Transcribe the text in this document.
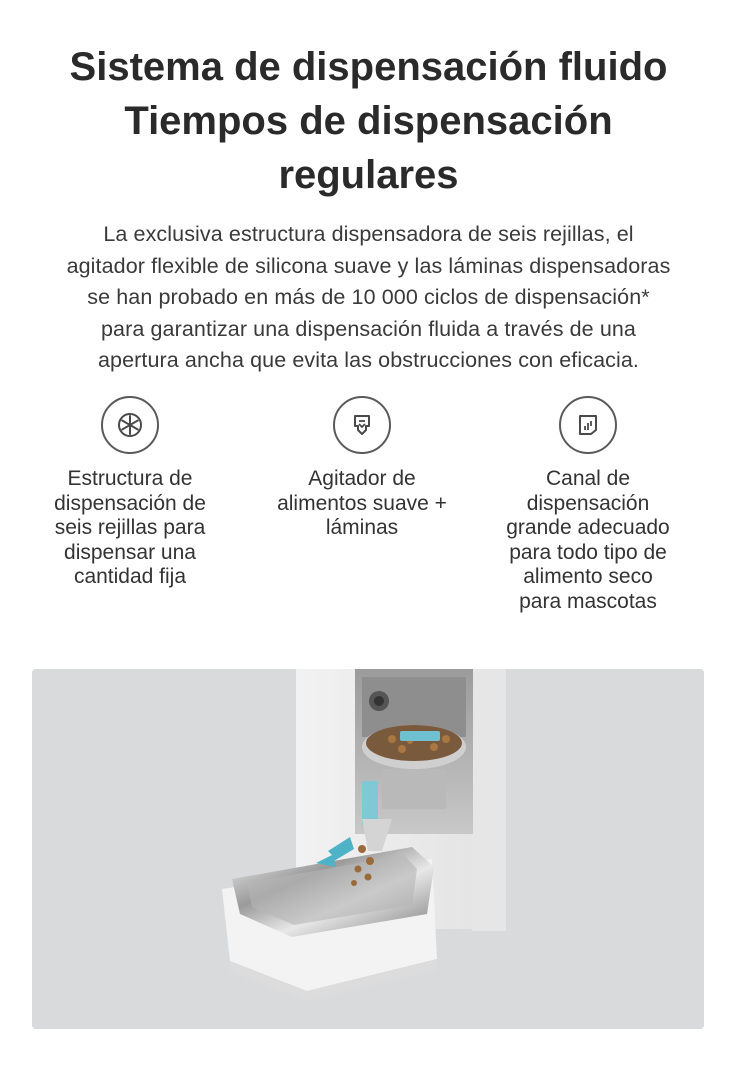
Sistema de dispensación fluido
Tiempos de dispensación
regulares

La exclusiva estructura dispensadora de seis rejillas, el
agitador flexible de silicona suave y las láminas dispensadoras
se han probado en más de 10 000 ciclos de dispensación*
para garantizar una dispensación fluida a través de una
apertura ancha que evita las obstrucciones con eficacia.

Estructura de
dispensación de
seis rejillas para
dispensar una
cantidad fija
Agitador de
alimentos suave +
láminas
Canal de
dispensación
grande adecuado
para todo tipo de
alimento seco
para mascotas
